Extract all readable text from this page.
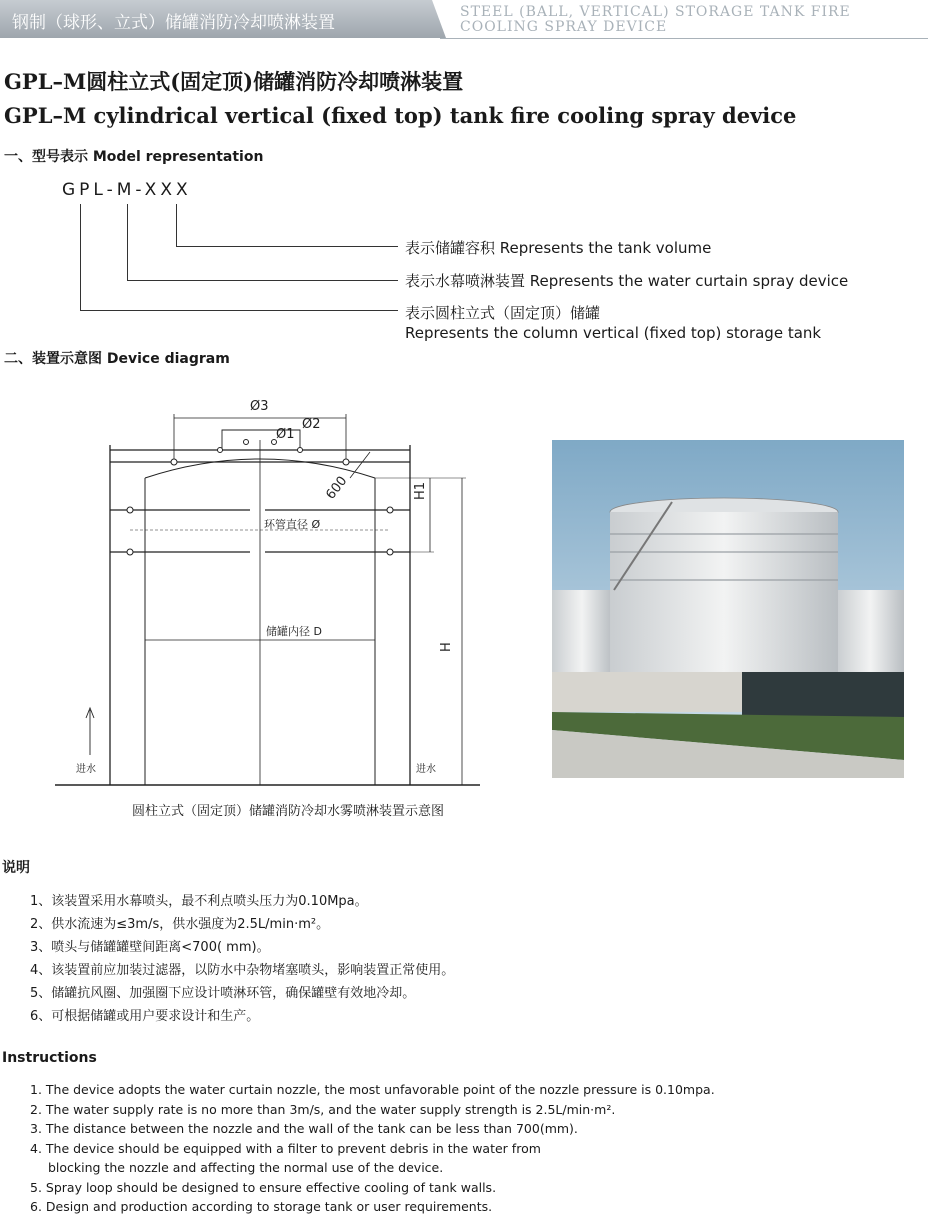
钢制（球形、立式）储罐消防冷却喷淋装置
STEEL (BALL, VERTICAL) STORAGE TANK FIRE
COOLING SPRAY DEVICE
GPL–M圆柱立式(固定顶)储罐消防冷却喷淋装置
GPL–M cylindrical vertical (fixed top) tank fire cooling spray device
一、型号表示 Model representation
GPL-M-XXX
表示储罐容积 Represents the tank volume
表示水幕喷淋装置 Represents the water curtain spray device
表示圆柱立式（固定顶）储罐
Represents the column vertical (fixed top) storage tank
二、装置示意图 Device diagram
Ø3
Ø1
Ø2
600	H1
H
环管直径 Ø
储罐内径 D
进水	进水
圆柱立式（固定顶）储罐消防冷却水雾喷淋装置示意图
说明
1、该装置采用水幕喷头，最不利点喷头压力为0.10Mpa。
2、供水流速为≤3m/s，供水强度为2.5L/min·m²。
3、喷头与储罐罐壁间距离<700( mm)。
4、该装置前应加装过滤器，以防水中杂物堵塞喷头，影响装置正常使用。
5、储罐抗风圈、加强圈下应设计喷淋环管，确保罐壁有效地冷却。
6、可根据储罐或用户要求设计和生产。
Instructions
1. The device adopts the water curtain nozzle, the most unfavorable point of the nozzle pressure is 0.10mpa.
2. The water supply rate is no more than 3m/s, and the water supply strength is 2.5L/min·m².
3. The distance between the nozzle and the wall of the tank can be less than 700(mm).
4. The device should be equipped with a filter to prevent debris in the water from
blocking the nozzle and affecting the normal use of the device.
5. Spray loop should be designed to ensure effective cooling of tank walls.
6. Design and production according to storage tank or user requirements.
